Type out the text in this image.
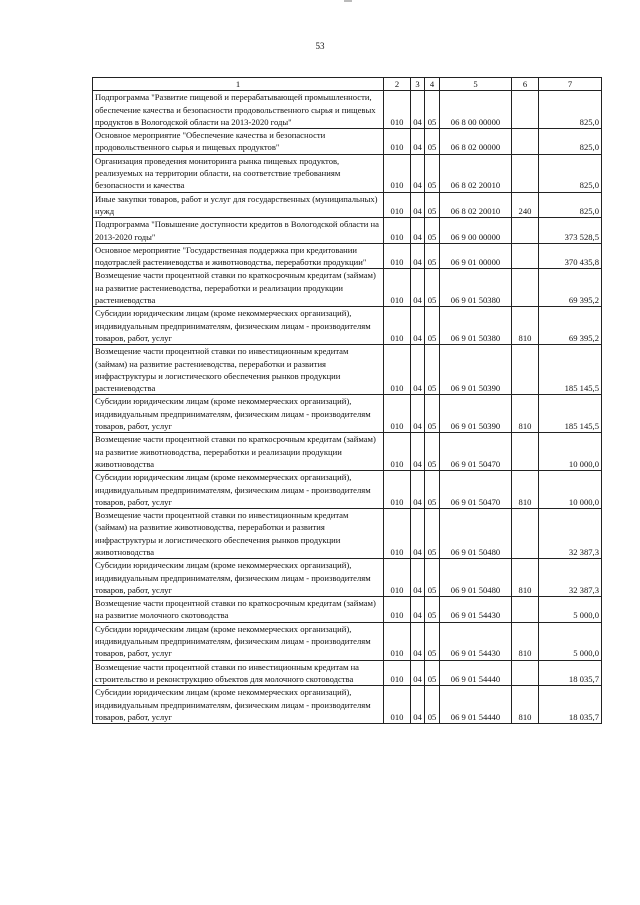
53
1	2	3	4	5	6	7
Подпрограмма "Развитие пищевой и перерабатывающей промышленности, обеспечение качества и безопасности продовольственного сырья и пищевых продуктов в Вологодской области на 2013-2020 годы"	010	04	05	06 8 00 00000		825,0
Основное мероприятие "Обеспечение качества и безопасности продовольственного сырья и пищевых продуктов"	010	04	05	06 8 02 00000		825,0
Организация проведения мониторинга рынка пищевых продуктов, реализуемых на территории области, на соответствие требованиям безопасности и качества	010	04	05	06 8 02 20010		825,0
Иные закупки товаров, работ и услуг для государственных (муниципальных) нужд	010	04	05	06 8 02 20010	240	825,0
Подпрограмма "Повышение доступности кредитов в Вологодской области на 2013-2020 годы"	010	04	05	06 9 00 00000		373 528,5
Основное мероприятие "Государственная поддержка при кредитовании подотраслей растениеводства и животноводства, переработки продукции"	010	04	05	06 9 01 00000		370 435,8
Возмещение части процентной ставки по краткосрочным кредитам (займам) на развитие растениеводства, переработки и реализации продукции растениеводства	010	04	05	06 9 01 50380		69 395,2
Субсидии юридическим лицам (кроме некоммерческих организаций), индивидуальным предпринимателям, физическим лицам - производителям товаров, работ, услуг	010	04	05	06 9 01 50380	810	69 395,2
Возмещение части процентной ставки по инвестиционным кредитам (займам) на развитие растениеводства, переработки и развития инфраструктуры и логистического обеспечения рынков продукции растениеводства	010	04	05	06 9 01 50390		185 145,5
Субсидии юридическим лицам (кроме некоммерческих организаций), индивидуальным предпринимателям, физическим лицам - производителям товаров, работ, услуг	010	04	05	06 9 01 50390	810	185 145,5
Возмещение части процентной ставки по краткосрочным кредитам (займам) на развитие животноводства, переработки и реализации продукции животноводства	010	04	05	06 9 01 50470		10 000,0
Субсидии юридическим лицам (кроме некоммерческих организаций), индивидуальным предпринимателям, физическим лицам - производителям товаров, работ, услуг	010	04	05	06 9 01 50470	810	10 000,0
Возмещение части процентной ставки по инвестиционным кредитам (займам) на развитие животноводства, переработки и развития инфраструктуры и логистического обеспечения рынков продукции животноводства	010	04	05	06 9 01 50480		32 387,3
Субсидии юридическим лицам (кроме некоммерческих организаций), индивидуальным предпринимателям, физическим лицам - производителям товаров, работ, услуг	010	04	05	06 9 01 50480	810	32 387,3
Возмещение части процентной ставки по краткосрочным кредитам (займам) на развитие молочного скотоводства	010	04	05	06 9 01 54430		5 000,0
Субсидии юридическим лицам (кроме некоммерческих организаций), индивидуальным предпринимателям, физическим лицам - производителям товаров, работ, услуг	010	04	05	06 9 01 54430	810	5 000,0
Возмещение части процентной ставки по инвестиционным кредитам на строительство и реконструкцию объектов для молочного скотоводства	010	04	05	06 9 01 54440		18 035,7
Субсидии юридическим лицам (кроме некоммерческих организаций), индивидуальным предпринимателям, физическим лицам - производителям товаров, работ, услуг	010	04	05	06 9 01 54440	810	18 035,7
